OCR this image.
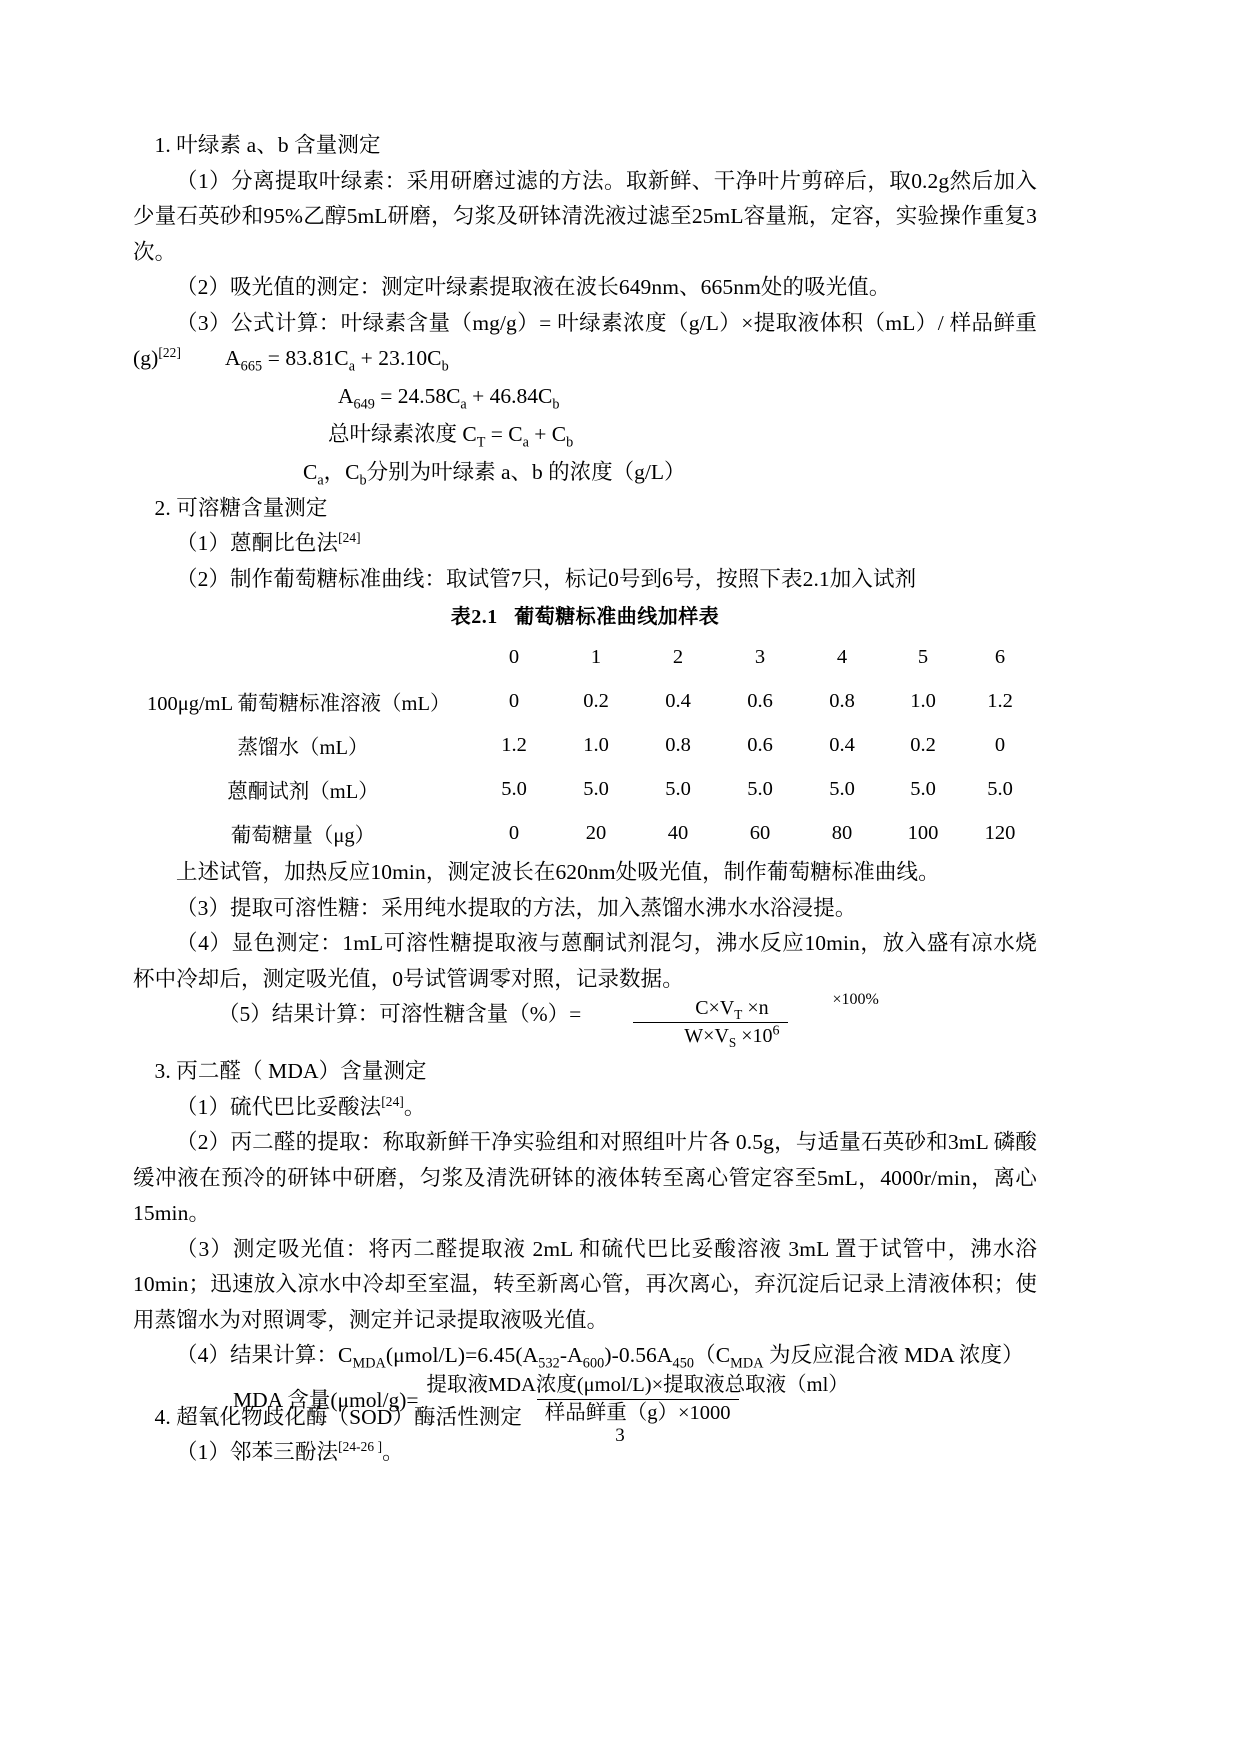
1. 叶绿素 a、b 含量测定

（1）分离提取叶绿素：采用研磨过滤的方法。取新鲜、干净叶片剪碎后，取0.2g然后加入少量石英砂和95%乙醇5mL研磨，匀浆及研钵清洗液过滤至25mL容量瓶，定容，实验操作重复3次。

（2）吸光值的测定：测定叶绿素提取液在波长649nm、665nm处的吸光值。

（3）公式计算：叶绿素含量（mg/g）= 叶绿素浓度（g/L）×提取液体积（mL）/ 样品鲜重(g)[22] $A_{665} = 83.81C_a + 23.10C_b$

$A_{649} = 24.58C_a + 46.84C_b$
总叶绿素浓度 $C_T = C_a + C_b$
$C_a$，$C_b$分别为叶绿素 a、b 的浓度（g/L）

2. 可溶糖含量测定

（1）蒽酮比色法[24]

（2）制作葡萄糖标准曲线：取试管7只，标记0号到6号，按照下表2.1加入试剂

表2.1 葡萄糖标准曲线加样表
	0	1	2	3	4	5	6
100μg/mL 葡萄糖标准溶液（mL）	0	0.2	0.4	0.6	0.8	1.0	1.2
蒸馏水（mL）	1.2	1.0	0.8	0.6	0.4	0.2	0
蒽酮试剂（mL）	5.0	5.0	5.0	5.0	5.0	5.0	5.0
葡萄糖量（μg）	0	20	40	60	80	100	120

上述试管，加热反应10min，测定波长在620nm处吸光值，制作葡萄糖标准曲线。

（3）提取可溶性糖：采用纯水提取的方法，加入蒸馏水沸水水浴浸提。

（4）显色测定：1mL可溶性糖提取液与蒽酮试剂混匀，沸水反应10min，放入盛有凉水烧杯中冷却后，测定吸光值，0号试管调零对照，记录数据。

（5）结果计算：可溶性糖含量（%）=	$\frac{C\times V_T \times n}{W\times V_S \times 10^6}$	×100%

3. 丙二醛（ MDA）含量测定

（1）硫代巴比妥酸法[24]。

（2）丙二醛的提取：称取新鲜干净实验组和对照组叶片各 0.5g，与适量石英砂和3mL 磷酸缓冲液在预冷的研钵中研磨，匀浆及清洗研钵的液体转至离心管定容至5mL，4000r/min，离心 15min。

（3）测定吸光值：将丙二醛提取液 2mL 和硫代巴比妥酸溶液 3mL 置于试管中，沸水浴 10min；迅速放入凉水中冷却至室温，转至新离心管，再次离心，弃沉淀后记录上清液体积；使用蒸馏水为对照调零，测定并记录提取液吸光值。

（4）结果计算：$C_{MDA}(\mu mol/L)=6.45(A_{532}-A_{600})-0.56A_{450}(C_{MDA}$ 为反应混合液 MDA 浓度）

MDA 含量$(\mu mol/g)= \frac{\text{提取液MDA浓度(μmol/L)×提取液总取液（ml）}}{\text{样品鲜重（g）×1000}}$

4. 超氧化物歧化酶（SOD）酶活性测定

（1）邻苯三酚法[24-26 ]。

3
